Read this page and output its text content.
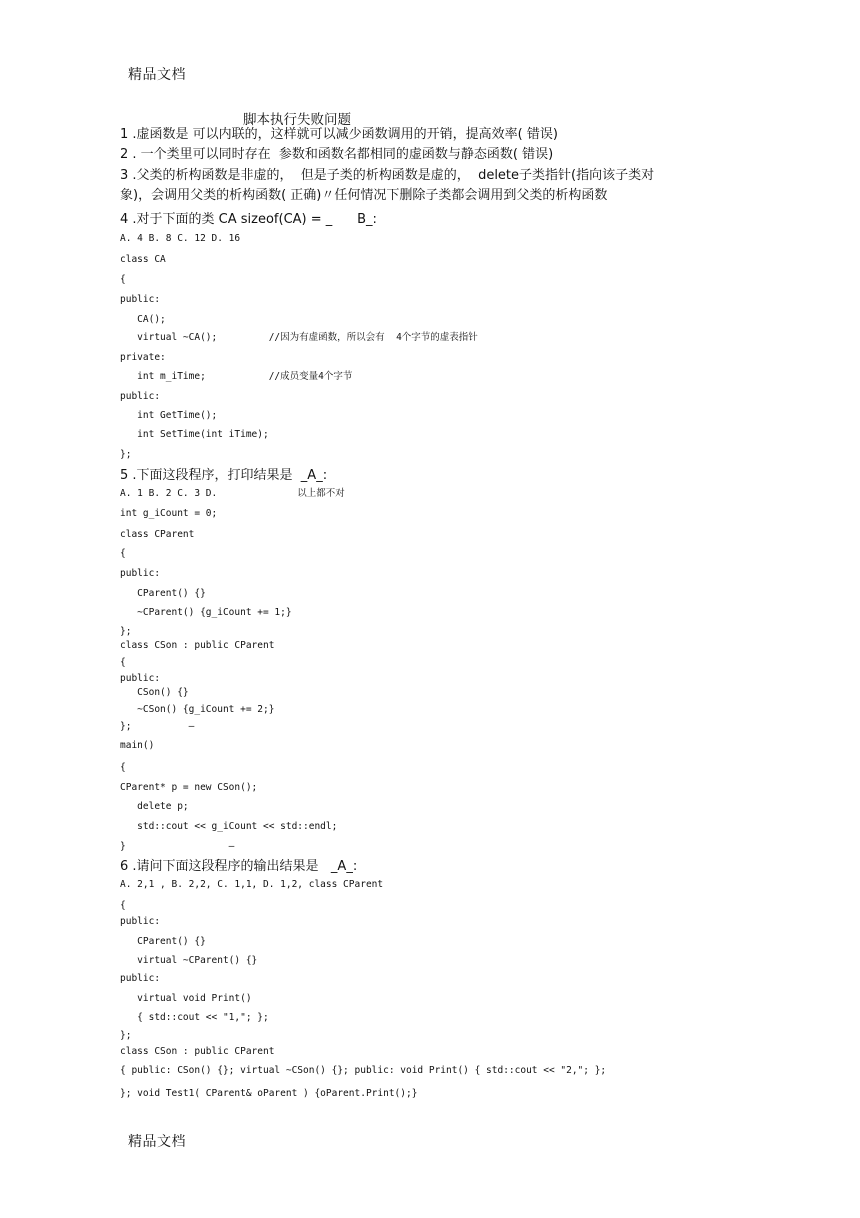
精品文档
脚本执行失败问题
1 .虚函数是 可以内联的，这样就可以减少函数调用的开销，提高效率( 错误)
2 . 一个类里可以同时存在  参数和函数名都相同的虚函数与静态函数( 错误)
3 .父类的析构函数是非虚的，  但是子类的析构函数是虚的，  delete子类指针(指向该子类对
象)，会调用父类的析构函数( 正确)〃任何情况下删除子类都会调用到父类的析构函数
4 .对于下面的类 CA sizeof(CA) = _      B_:
A. 4 B. 8 C. 12 D. 16
class CA
{
public:
CA();
virtual ~CA();         //因为有虚函数，所以会有  4个字节的虚表指针
private:
int m_iTime;           //成员变量4个字节
public:
int GetTime();
int SetTime(int iTime);
};
5 .下面这段程序，打印结果是  _A_:
A. 1 B. 2 C. 3 D.              以上都不对
int g_iCount = 0;
class CParent
{
public:
CParent() {}
~CParent() {g_iCount += 1;}
};
class CSon : public CParent
{
public:
CSon() {}
~CSon() {g_iCount += 2;}
};          —
main()
{
CParent* p = new CSon();
delete p;
std::cout << g_iCount << std::endl;
}                  —
6 .请问下面这段程序的输出结果是   _A_:
A. 2,1 , B. 2,2, C. 1,1, D. 1,2, class CParent
{
public:
CParent() {}
virtual ~CParent() {}
public:
virtual void Print()
{ std::cout << "1,"; };
};
class CSon : public CParent
{ public: CSon() {}; virtual ~CSon() {}; public: void Print() { std::cout << "2,"; };
}; void Test1( CParent& oParent ) {oParent.Print();}
精品文档
